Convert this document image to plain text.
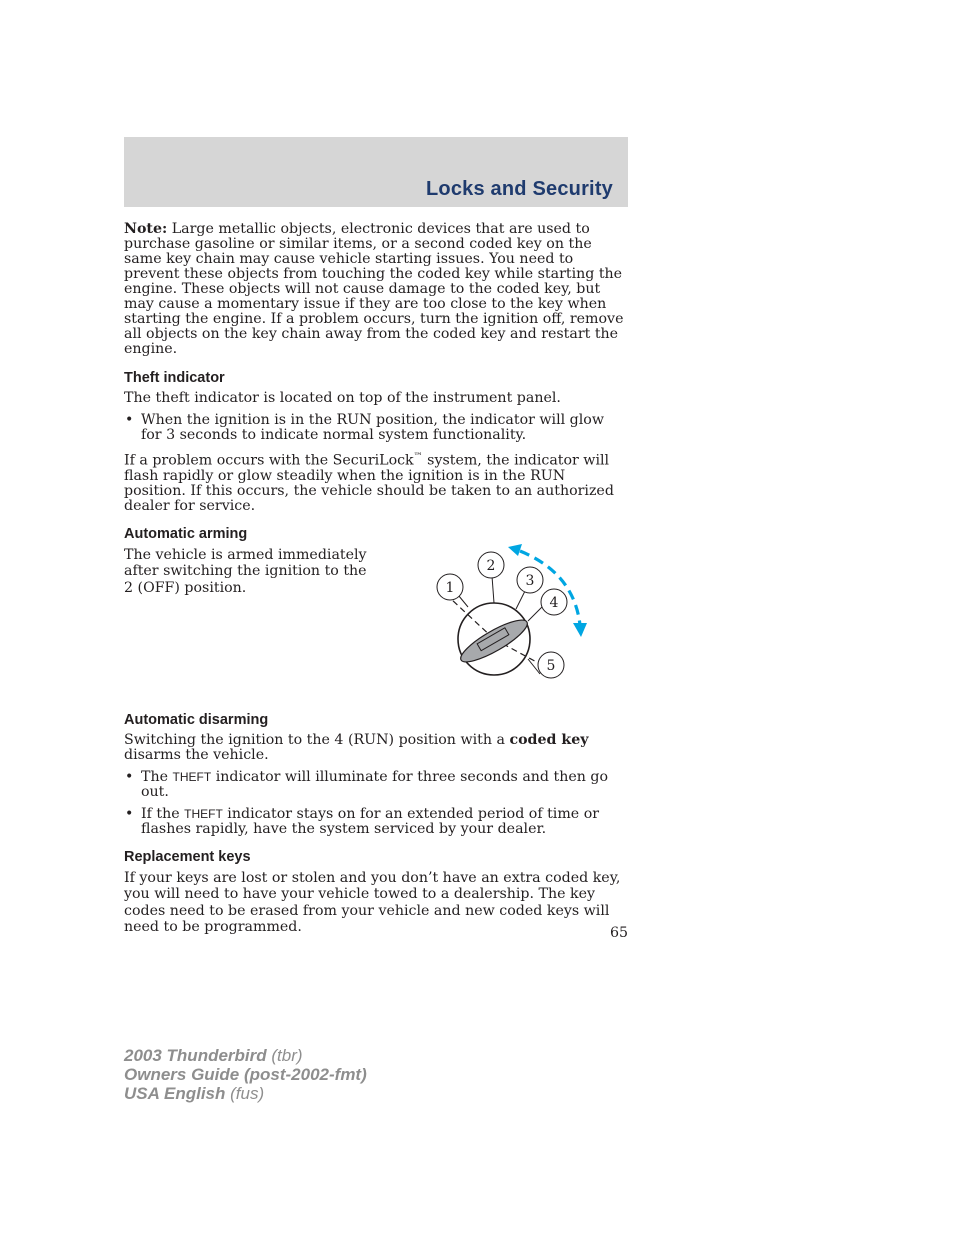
Locks and Security

Note: Large metallic objects, electronic devices that are used to purchase gasoline or similar items, or a second coded key on the same key chain may cause vehicle starting issues. You need to prevent these objects from touching the coded key while starting the engine. These objects will not cause damage to the coded key, but may cause a momentary issue if they are too close to the key when starting the engine. If a problem occurs, turn the ignition off, remove all objects on the key chain away from the coded key and restart the engine.

Theft indicator

The theft indicator is located on top of the instrument panel.

• When the ignition is in the RUN position, the indicator will glow for 3 seconds to indicate normal system functionality.

If a problem occurs with the SecuriLock™ system, the indicator will flash rapidly or glow steadily when the ignition is in the RUN position. If this occurs, the vehicle should be taken to an authorized dealer for service.

Automatic arming

The vehicle is armed immediately after switching the ignition to the 2 (OFF) position.	1
2
3
4
5
Automatic disarming

Switching the ignition to the 4 (RUN) position with a coded key disarms the vehicle.

• The THEFT indicator will illuminate for three seconds and then go out.
• If the THEFT indicator stays on for an extended period of time or flashes rapidly, have the system serviced by your dealer.
Replacement keys

If your keys are lost or stolen and you don’t have an extra coded key, you will need to have your vehicle towed to a dealership. The key codes need to be erased from your vehicle and new coded keys will need to be programmed.	65
2003 Thunderbird (tbr)
Owners Guide (post-2002-fmt)
USA English (fus)
